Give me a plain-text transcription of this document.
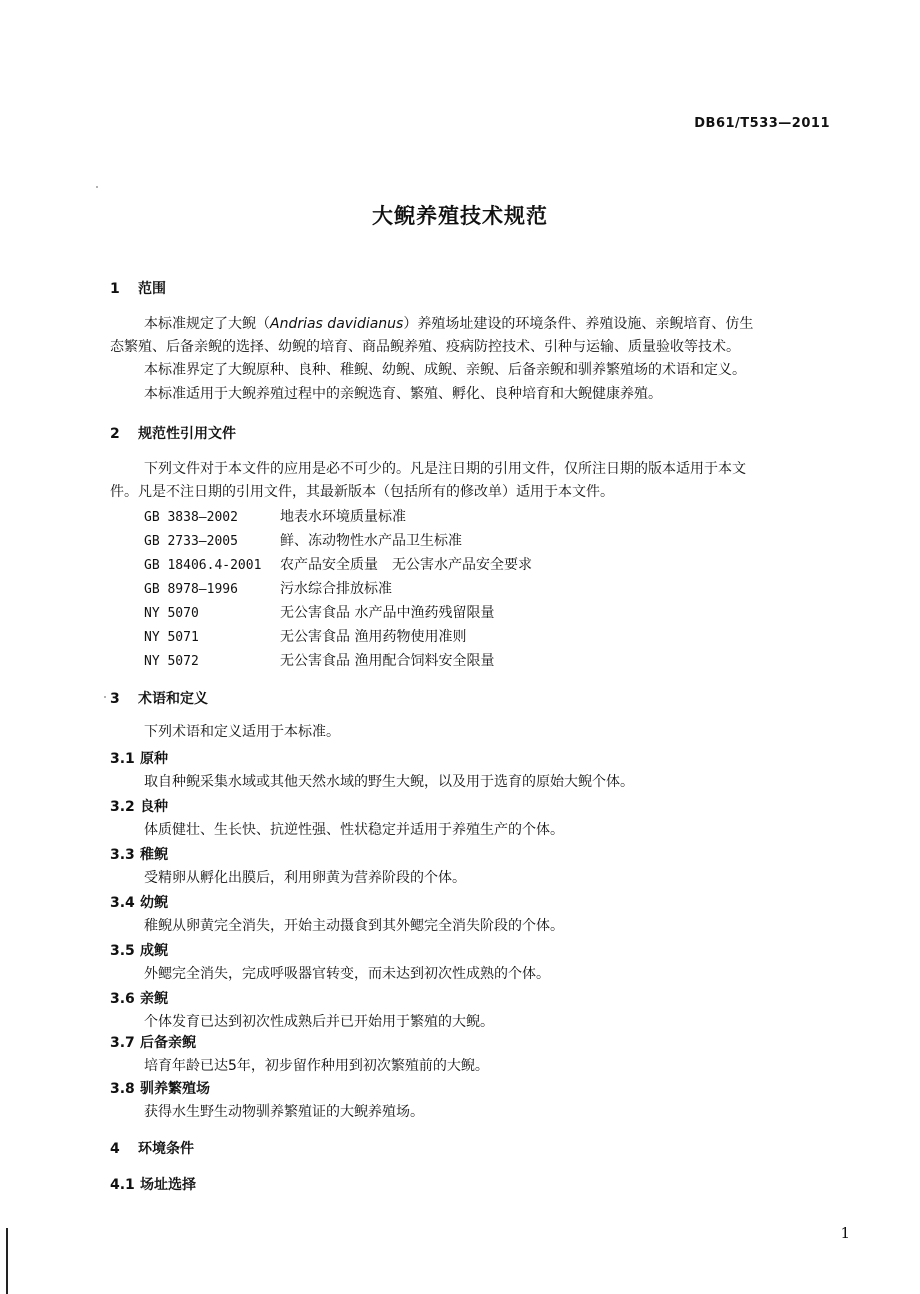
DB61/T533—2011
大鲵养殖技术规范
1 范围
本标准规定了大鲵（Andrias davidianus）养殖场址建设的环境条件、养殖设施、亲鲵培育、仿生
态繁殖、后备亲鲵的选择、幼鲵的培育、商品鲵养殖、疫病防控技术、引种与运输、质量验收等技术。
本标准界定了大鲵原种、良种、稚鲵、幼鲵、成鲵、亲鲵、后备亲鲵和驯养繁殖场的术语和定义。
本标准适用于大鲵养殖过程中的亲鲵选育、繁殖、孵化、良种培育和大鲵健康养殖。
2 规范性引用文件
下列文件对于本文件的应用是必不可少的。凡是注日期的引用文件，仅所注日期的版本适用于本文
件。凡是不注日期的引用文件，其最新版本（包括所有的修改单）适用于本文件。
GB 3838—2002	地表水环境质量标准
GB 2733—2005	鲜、冻动物性水产品卫生标准
GB 18406.4-2001 农产品安全质量　无公害水产品安全要求
GB 8978—1996	污水综合排放标准
NY 5070	无公害食品 水产品中渔药残留限量
NY 5071	无公害食品 渔用药物使用准则
NY 5072	无公害食品 渔用配合饲料安全限量
3 术语和定义
下列术语和定义适用于本标准。
3.1 原种
取自种鲵采集水域或其他天然水域的野生大鲵，以及用于选育的原始大鲵个体。
3.2 良种
体质健壮、生长快、抗逆性强、性状稳定并适用于养殖生产的个体。
3.3 稚鲵
受精卵从孵化出膜后，利用卵黄为营养阶段的个体。
3.4 幼鲵
稚鲵从卵黄完全消失，开始主动摄食到其外鳃完全消失阶段的个体。
3.5 成鲵
外鳃完全消失，完成呼吸器官转变，而未达到初次性成熟的个体。
3.6 亲鲵
个体发育已达到初次性成熟后并已开始用于繁殖的大鲵。
3.7 后备亲鲵
培育年龄已达5年，初步留作种用到初次繁殖前的大鲵。
3.8 驯养繁殖场
获得水生野生动物驯养繁殖证的大鲵养殖场。
4 环境条件
4.1 场址选择
1
